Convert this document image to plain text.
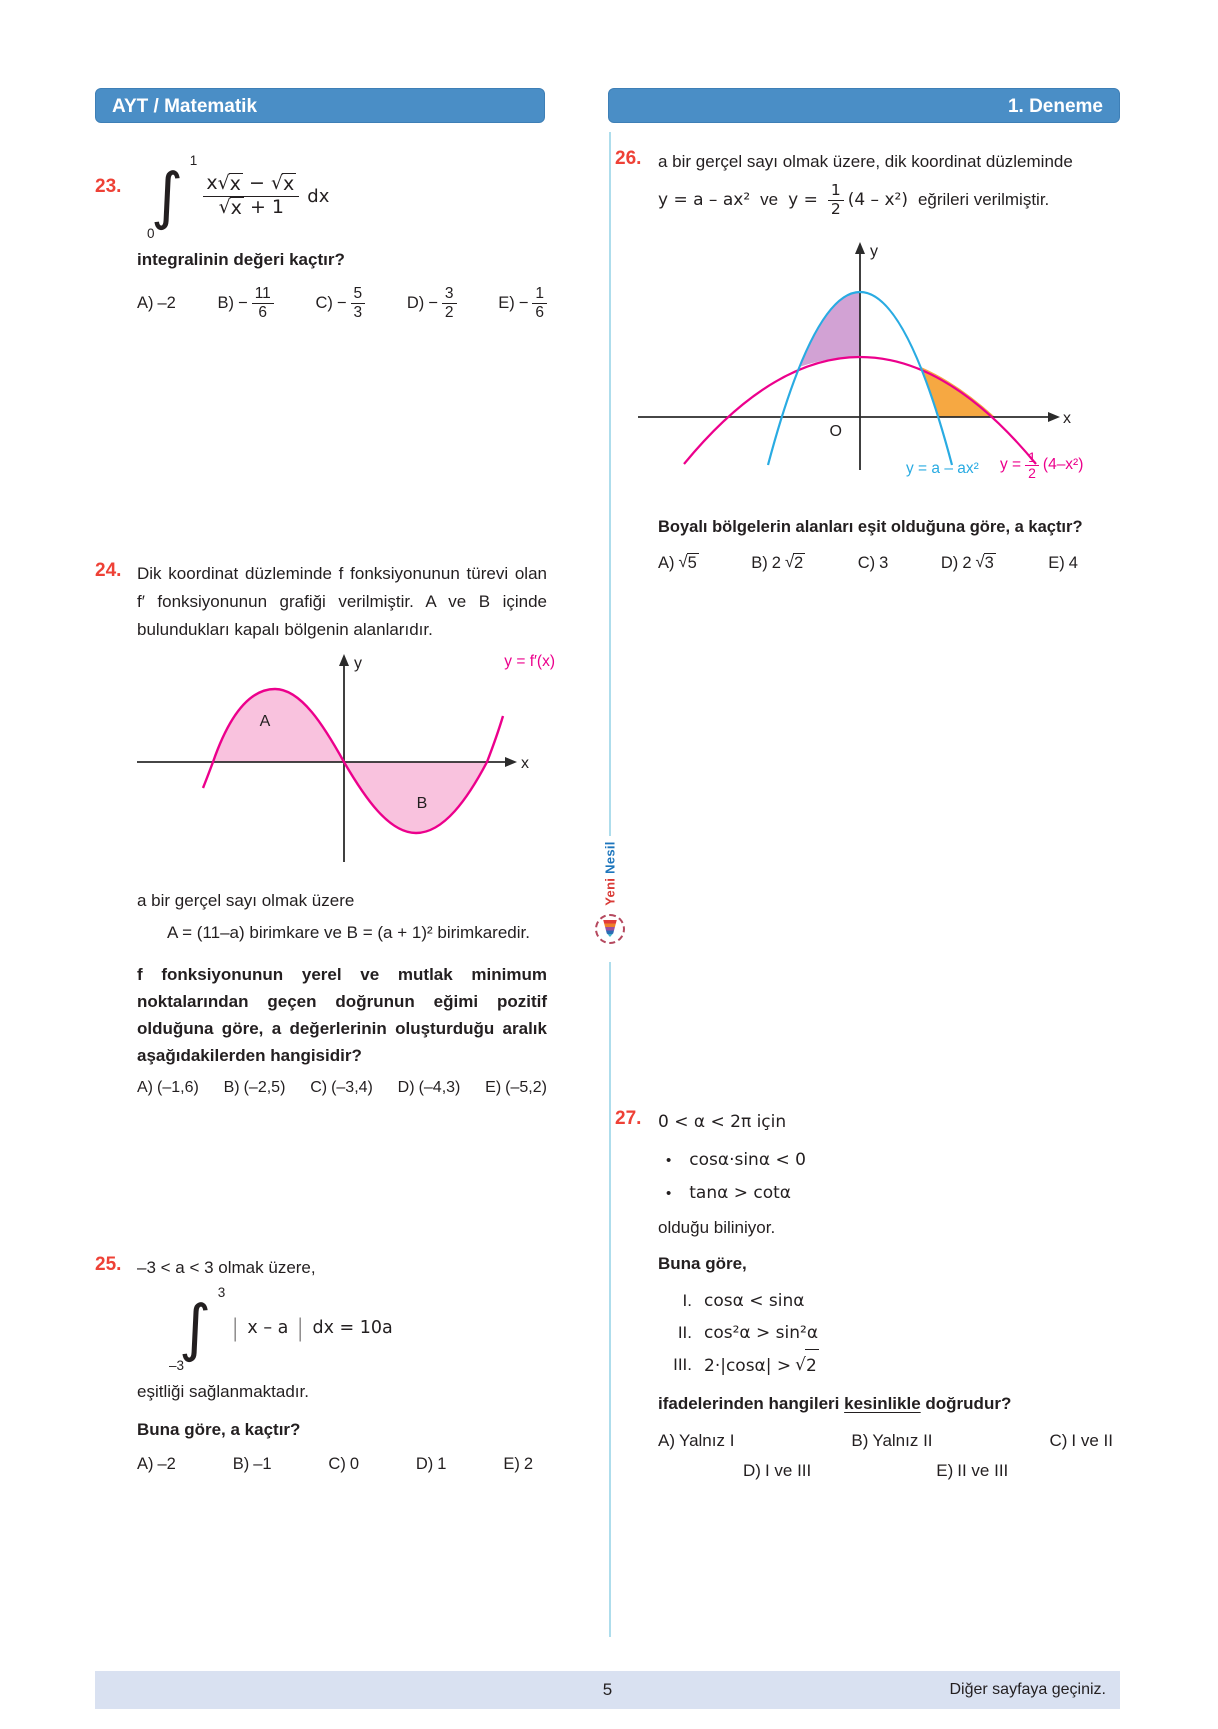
AYT / Matematik	1. Deneme
Yeni Nesil
23.
1
∫
0
$\frac{x √ x - √ x}{√ x + 1}$ dx
integralinin değeri kaçtır?
A) –2	$B) - \frac{11}{6}$	$C) - \frac{5}{3}$	$D) - \frac{3}{2}$	$E) - \frac{1}{6}$
24. Dik koordinat düzleminde f fonksiyonunun türevi olan f′ fonksiyonunun grafiği verilmiştir. A ve B içinde bulundukları kapalı bölgenin alanlarıdır.
A
B
y
x
y = f′(x)
a bir gerçel sayı olmak üzere
A = (11–a) birimkare ve B = (a + 1)² birimkaredir.
f fonksiyonunun yerel ve mutlak minimum noktalarından geçen doğrunun eğimi pozitif olduğuna göre, a değerlerinin oluşturduğu aralık aşağıdakilerden hangisidir?
A) (–1,6) B) (–2,5) C) (–3,4) D) (–4,3) E) (–5,2)
25. –3 < a < 3 olmak üzere,
3
∫
–3
| x – a | dx = 10a
eşitliği sağlanmaktadır.
Buna göre, a kaçtır?
A) –2	B) –1	C) 0	D) 1	E) 2
26. a bir gerçel sayı olmak üzere, dik koordinat düzleminde
y = a – ax² ve $y = \frac{1}{2} (4 - x^2)$ eğrileri verilmiştir.
O
y
x
y = a – ax² $y = \frac{1}{2} (4-x^2)$
Boyalı bölgelerin alanları eşit olduğuna göre, a kaçtır?
A) √ 5	B) 2 √ 2	C) 3	D) 2 √ 3	E) 4
27. 0 < α < 2π için
• cosα·sinα < 0
• tanα > cotα
olduğu biliniyor.
Buna göre,
I. cosα < sinα
II. cos²α > sin²α
III. 2·|cosα| > √ 2
ifadelerinden hangileri kesinlikle doğrudur?
A) Yalnız I	B) Yalnız II	C) I ve II
D) I ve III	E) II ve III
5	Diğer sayfaya geçiniz.
